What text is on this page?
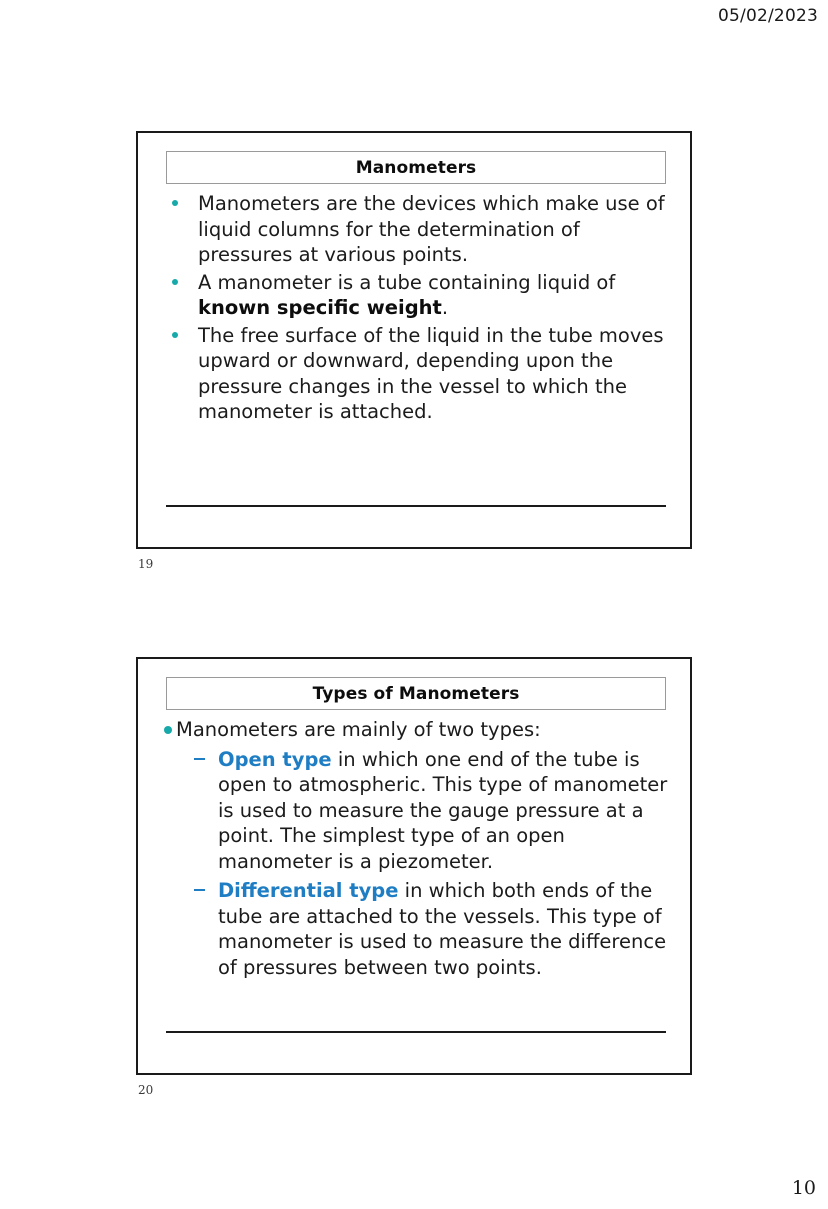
05/02/2023
Manometers
Manometers are the devices which make use of liquid columns for the determination of pressures at various points.
A manometer is a tube containing liquid of known specific weight.
The free surface of the liquid in the tube moves upward or downward, depending upon the pressure changes in the vessel to which the manometer is attached.
19
Types of Manometers

Manometers are mainly of two types:

Open type in which one end of the tube is open to atmospheric. This type of manometer is used to measure the gauge pressure at a point. The simplest type of an open manometer is a piezometer.
Differential type in which both ends of the tube are attached to the vessels. This type of manometer is used to measure the difference of pressures between two points.
20
10
